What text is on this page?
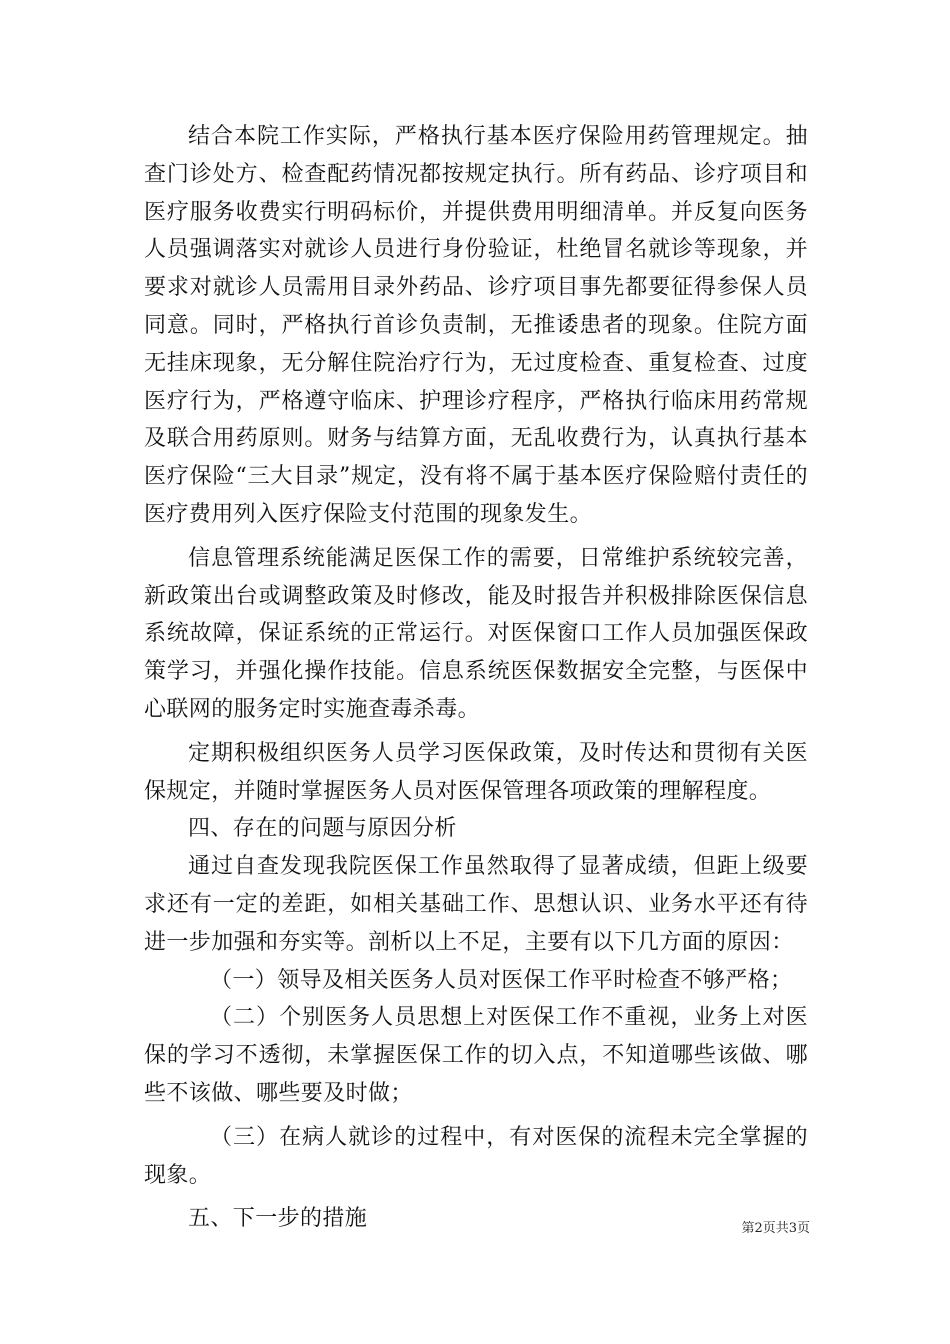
结合本院工作实际，严格执行基本医疗保险用药管理规定。抽查门诊处方、检查配药情况都按规定执行。所有药品、诊疗项目和医疗服务收费实行明码标价，并提供费用明细清单。并反复向医务人员强调落实对就诊人员进行身份验证，杜绝冒名就诊等现象，并要求对就诊人员需用目录外药品、诊疗项目事先都要征得参保人员同意。同时，严格执行首诊负责制，无推诿患者的现象。住院方面无挂床现象，无分解住院治疗行为，无过度检查、重复检查、过度医疗行为，严格遵守临床、护理诊疗程序，严格执行临床用药常规及联合用药原则。财务与结算方面，无乱收费行为，认真执行基本医疗保险“三大目录”规定，没有将不属于基本医疗保险赔付责任的医疗费用列入医疗保险支付范围的现象发生。

信息管理系统能满足医保工作的需要，日常维护系统较完善，新政策出台或调整政策及时修改，能及时报告并积极排除医保信息系统故障，保证系统的正常运行。对医保窗口工作人员加强医保政策学习，并强化操作技能。信息系统医保数据安全完整，与医保中心联网的服务定时实施查毒杀毒。

定期积极组织医务人员学习医保政策，及时传达和贯彻有关医保规定，并随时掌握医务人员对医保管理各项政策的理解程度。

四、存在的问题与原因分析

通过自查发现我院医保工作虽然取得了显著成绩，但距上级要求还有一定的差距，如相关基础工作、思想认识、业务水平还有待进一步加强和夯实等。剖析以上不足，主要有以下几方面的原因：

（一）领导及相关医务人员对医保工作平时检查不够严格；

（二）个别医务人员思想上对医保工作不重视，业务上对医保的学习不透彻，未掌握医保工作的切入点，不知道哪些该做、哪些不该做、哪些要及时做；

（三）在病人就诊的过程中，有对医保的流程未完全掌握的现象。

五、下一步的措施	第2页共3页
